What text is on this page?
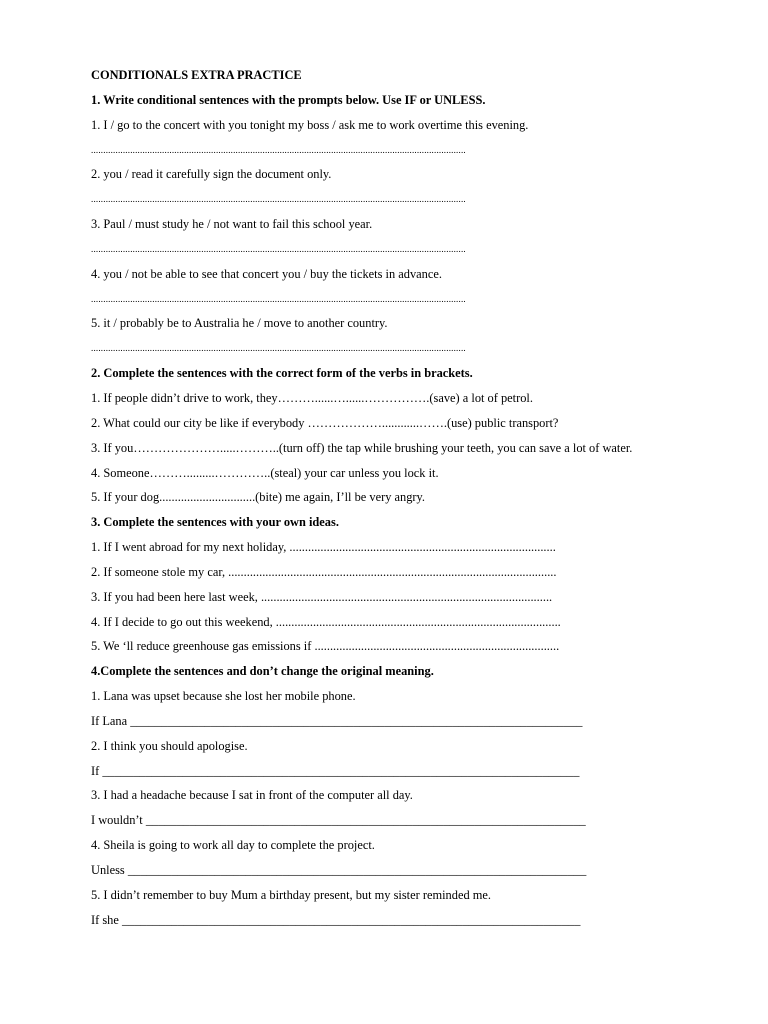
CONDITIONALS EXTRA PRACTICE
1. Write conditional sentences with the prompts below. Use IF or UNLESS.
1. I / go to the concert with you tonight my boss / ask me to work overtime this evening.
.........................................................................................................................................................
2. you / read it carefully sign the document only.
.........................................................................................................................................................
3. Paul / must study he / not want to fail this school year.
.........................................................................................................................................................
4. you / not be able to see that concert you / buy the tickets in advance.
.........................................................................................................................................................
5. it / probably be to Australia he / move to another country.
.........................................................................................................................................................
2. Complete the sentences with the correct form of the verbs in brackets.
1. If people didn’t drive to work, they………......…......…………….(save) a lot of petrol.
2. What could our city be like if everybody ………………............…….(use) public transport?
3. If you………………….....………..(turn off) the tap while brushing your teeth, you can save a lot of water.
4. Someone……….........…………..(steal) your car unless you lock it.
5. If your dog...............................(bite) me again, I’ll be very angry.
3. Complete the sentences with your own ideas.
1. If I went abroad for my next holiday, ......................................................................................
2. If someone stole my car, ..........................................................................................................
3. If you had been here last week, ..............................................................................................
4. If I decide to go out this weekend, ............................................................................................
5. We ‘ll reduce greenhouse gas emissions if ...............................................................................
4.Complete the sentences and don’t change the original meaning.
1. Lana was upset because she lost her mobile phone.
If Lana _________________________________________________________________________
2. I think you should apologise.
If _____________________________________________________________________________
3. I had a headache because I sat in front of the computer all day.
I wouldn’t _______________________________________________________________________
4. Sheila is going to work all day to complete the project.
Unless __________________________________________________________________________
5. I didn’t remember to buy Mum a birthday present, but my sister reminded me.
If she __________________________________________________________________________
